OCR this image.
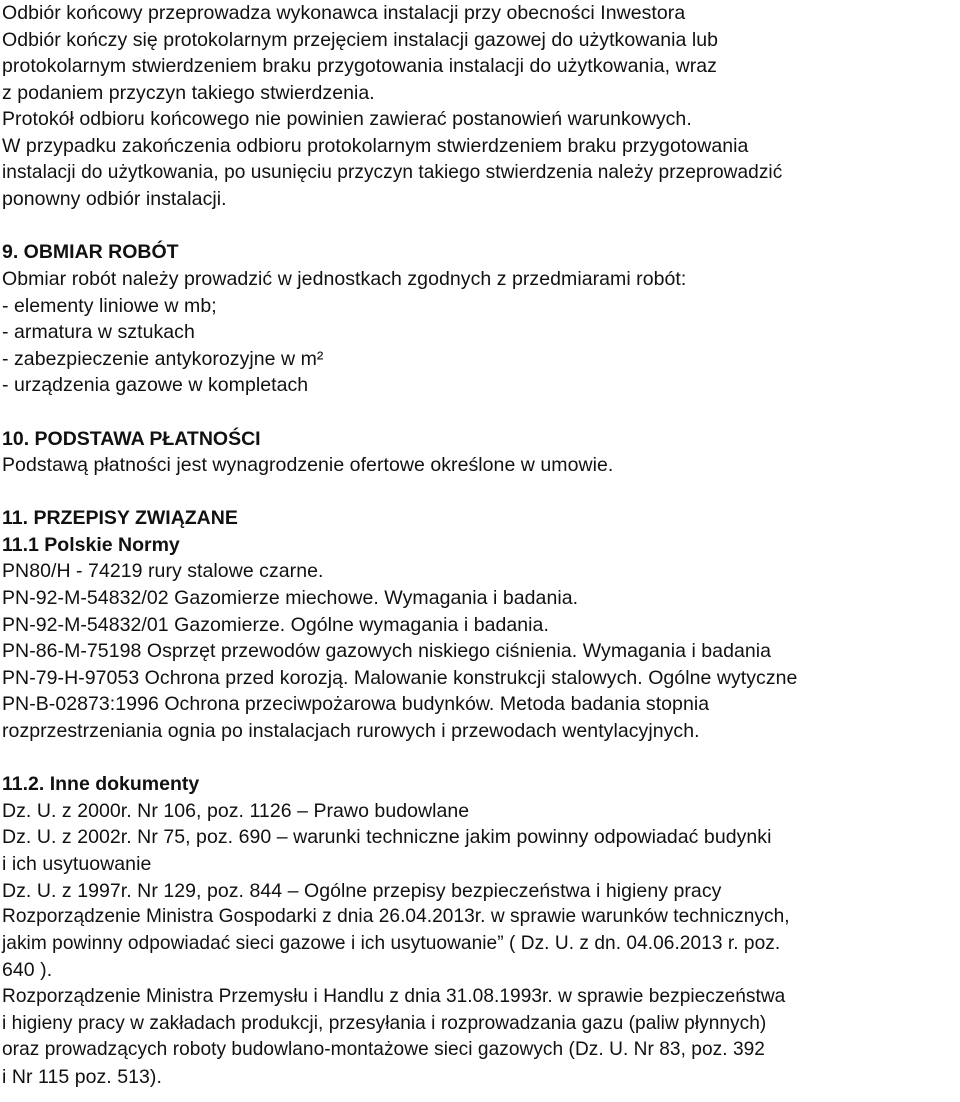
Odbiór końcowy przeprowadza wykonawca instalacji przy obecności Inwestora
Odbiór kończy się protokolarnym przejęciem instalacji gazowej do użytkowania lub
protokolarnym stwierdzeniem braku przygotowania instalacji do użytkowania, wraz
z podaniem przyczyn takiego stwierdzenia.
Protokół odbioru końcowego nie powinien zawierać postanowień warunkowych.
W przypadku zakończenia odbioru protokolarnym stwierdzeniem braku przygotowania
instalacji do użytkowania, po usunięciu przyczyn takiego stwierdzenia należy przeprowadzić
ponowny odbiór instalacji.
9. OBMIAR ROBÓT
Obmiar robót należy prowadzić w jednostkach zgodnych z przedmiarami robót:
- elementy liniowe w mb;
- armatura w sztukach
- zabezpieczenie antykorozyjne w m²
- urządzenia gazowe w kompletach
10. PODSTAWA PŁATNOŚCI
Podstawą płatności jest wynagrodzenie ofertowe określone w umowie.
11. PRZEPISY ZWIĄZANE
11.1 Polskie Normy
PN80/H - 74219 rury stalowe czarne.
PN-92-M-54832/02 Gazomierze miechowe. Wymagania i badania.
PN-92-M-54832/01 Gazomierze. Ogólne wymagania i badania.
PN-86-M-75198 Osprzęt przewodów gazowych niskiego ciśnienia. Wymagania i badania
PN-79-H-97053 Ochrona przed korozją. Malowanie konstrukcji stalowych. Ogólne wytyczne
PN-B-02873:1996 Ochrona przeciwpożarowa budynków. Metoda badania stopnia
rozprzestrzeniania ognia po instalacjach rurowych i przewodach wentylacyjnych.
11.2. Inne dokumenty
Dz. U. z 2000r. Nr 106, poz. 1126 – Prawo budowlane
Dz. U. z 2002r. Nr 75, poz. 690 – warunki techniczne jakim powinny odpowiadać budynki
i ich usytuowanie
Dz. U. z 1997r. Nr 129, poz. 844 – Ogólne przepisy bezpieczeństwa i higieny pracy
Rozporządzenie Ministra Gospodarki z dnia 26.04.2013r. w sprawie warunków technicznych,
jakim powinny odpowiadać sieci gazowe i ich usytuowanie” ( Dz. U. z dn. 04.06.2013 r. poz.
640 ).
Rozporządzenie Ministra Przemysłu i Handlu z dnia 31.08.1993r. w sprawie bezpieczeństwa
i higieny pracy w zakładach produkcji, przesyłania i rozprowadzania gazu (paliw płynnych)
oraz prowadzących roboty budowlano-montażowe sieci gazowych (Dz. U. Nr 83, poz. 392
i Nr 115 poz. 513).
